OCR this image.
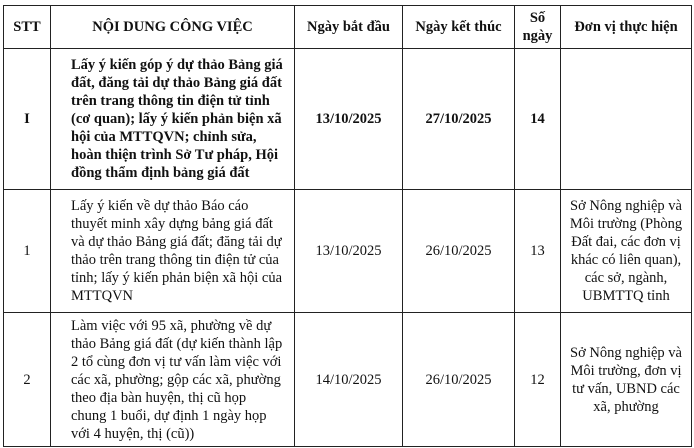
STT	NỘI DUNG CÔNG VIỆC	Ngày bắt đầu	Ngày kết thúc	Số ngày	Đơn vị thực hiện
I	Lấy ý kiến góp ý dự thảo Bảng giá đất, đăng tải dự thảo Bảng giá đất trên trang thông tin điện tử tỉnh (cơ quan); lấy ý kiến phản biện xã hội của MTTQVN; chỉnh sửa, hoàn thiện trình Sở Tư pháp, Hội đồng thẩm định bảng giá đất	13/10/2025	27/10/2025	14	
1	Lấy ý kiến về dự thảo Báo cáo thuyết minh xây dựng bảng giá đất và dự thảo Bảng giá đất; đăng tải dự thảo trên trang thông tin điện tử của tỉnh; lấy ý kiến phản biện xã hội của MTTQVN	13/10/2025	26/10/2025	13	Sở Nông nghiệp và Môi trường (Phòng Đất đai, các đơn vị khác có liên quan), các sở, ngành, UBMTTQ tỉnh
2	Làm việc với 95 xã, phường về dự thảo Bảng giá đất (dự kiến thành lập 2 tổ cùng đơn vị tư vấn làm việc với các xã, phường; gộp các xã, phường theo địa bàn huyện, thị cũ họp chung 1 buổi, dự định 1 ngày họp với 4 huyện, thị (cũ))	14/10/2025	26/10/2025	12	Sở Nông nghiệp và Môi trường, đơn vị tư vấn, UBND các xã, phường
